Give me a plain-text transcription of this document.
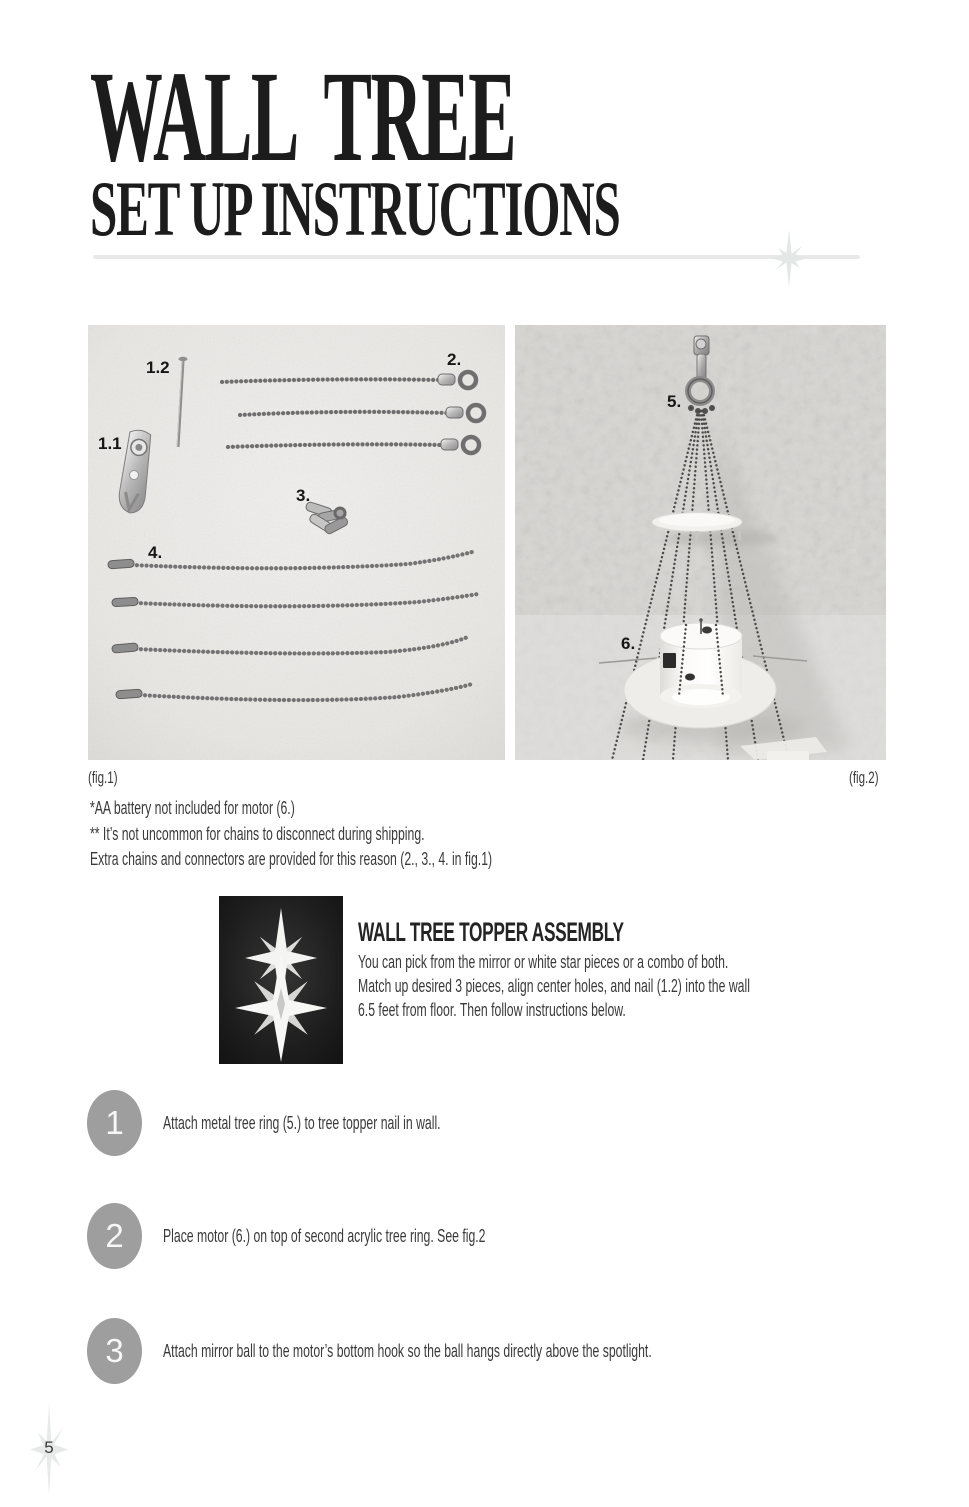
WALL TREE
SET UP INSTRUCTIONS
1.2
1.1
2.
3.
4.
5.
6.
(fig.1)	(fig.2)
*AA battery not included for motor (6.)
** It’s not uncommon for chains to disconnect during shipping.
Extra chains and connectors are provided for this reason (2., 3., 4. in fig.1)
WALL TREE TOPPER ASSEMBLY
You can pick from the mirror or white star pieces or a combo of both.
Match up desired 3 pieces, align center holes, and nail (1.2) into the wall
6.5 feet from floor. Then follow instructions below.
1	Attach metal tree ring (5.) to tree topper nail in wall.
2	Place motor (6.) on top of second acrylic tree ring. See fig.2
3	Attach mirror ball to the motor’s bottom hook so the ball hangs directly above the spotlight.
5
